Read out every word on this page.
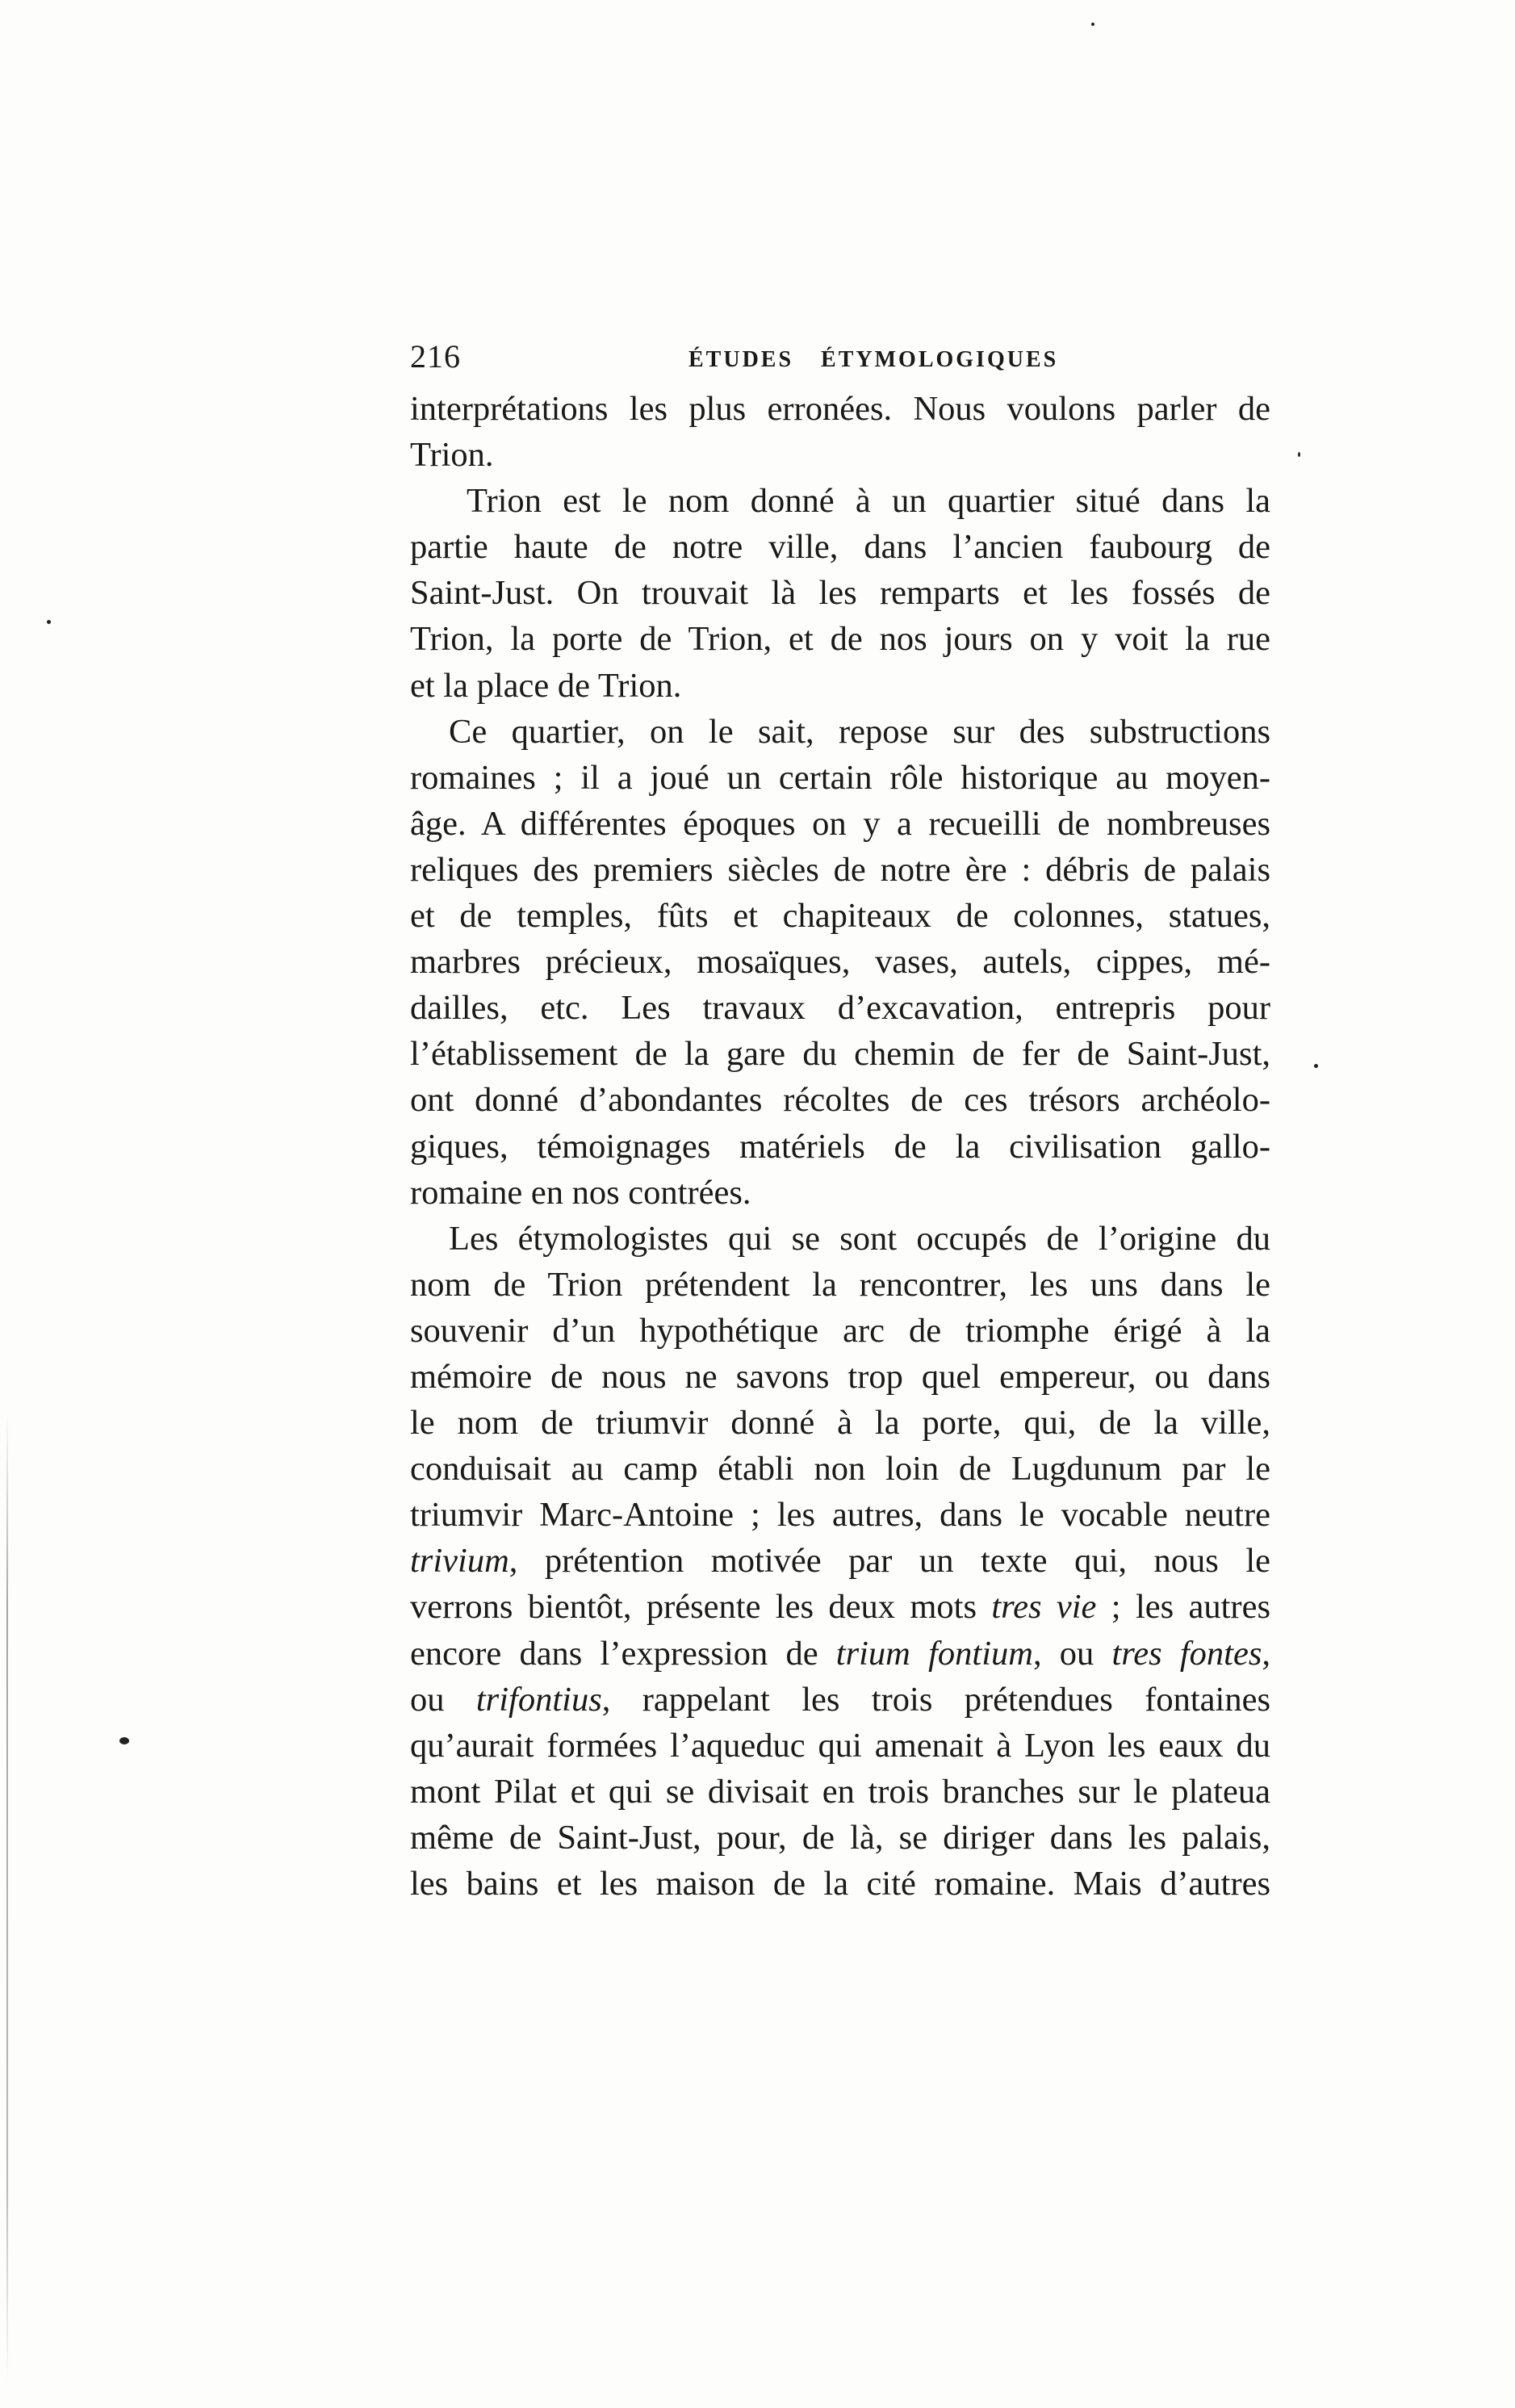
216	ÉTUDES ÉTYMOLOGIQUES
interprétations les plus erronées. Nous voulons parler de
Trion.
Trion est le nom donné à un quartier situé dans la
partie haute de notre ville, dans l’ancien faubourg de
Saint-Just. On trouvait là les remparts et les fossés de
Trion, la porte de Trion, et de nos jours on y voit la rue
et la place de Trion.
Ce quartier, on le sait, repose sur des substructions
romaines ; il a joué un certain rôle historique au moyen-
âge. A différentes époques on y a recueilli de nombreuses
reliques des premiers siècles de notre ère : débris de palais
et de temples, fûts et chapiteaux de colonnes, statues,
marbres précieux, mosaïques, vases, autels, cippes, mé-
dailles, etc. Les travaux d’excavation, entrepris pour
l’établissement de la gare du chemin de fer de Saint-Just,
ont donné d’abondantes récoltes de ces trésors archéolo-
giques, témoignages matériels de la civilisation gallo-
romaine en nos contrées.
Les étymologistes qui se sont occupés de l’origine du
nom de Trion prétendent la rencontrer, les uns dans le
souvenir d’un hypothétique arc de triomphe érigé à la
mémoire de nous ne savons trop quel empereur, ou dans
le nom de triumvir donné à la porte, qui, de la ville,
conduisait au camp établi non loin de Lugdunum par le
triumvir Marc-Antoine ; les autres, dans le vocable neutre
trivium, prétention motivée par un texte qui, nous le
verrons bientôt, présente les deux mots tres vie ; les autres
encore dans l’expression de trium fontium, ou tres fontes,
ou trifontius, rappelant les trois prétendues fontaines
qu’aurait formées l’aqueduc qui amenait à Lyon les eaux du
mont Pilat et qui se divisait en trois branches sur le plateua
même de Saint-Just, pour, de là, se diriger dans les palais,
les bains et les maison de la cité romaine. Mais d’autres
